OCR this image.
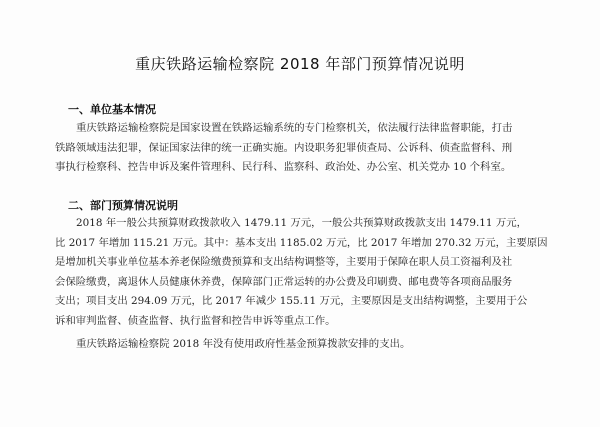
重庆铁路运输检察院 2018 年部门预算情况说明
一、单位基本情况
重庆铁路运输检察院是国家设置在铁路运输系统的专门检察机关，依法履行法律监督职能，打击
铁路领域违法犯罪，保证国家法律的统一正确实施。内设职务犯罪侦查局、公诉科、侦查监督科、刑
事执行检察科、控告申诉及案件管理科、民行科、监察科、政治处、办公室、机关党办 10 个科室。
二、部门预算情况说明
2018 年一般公共预算财政拨款收入 1479.11 万元，一般公共预算财政拨款支出 1479.11 万元，
比 2017 年增加 115.21 万元。其中：基本支出 1185.02 万元，比 2017 年增加 270.32 万元，主要原因
是增加机关事业单位基本养老保险缴费预算和支出结构调整等，主要用于保障在职人员工资福利及社
会保险缴费，离退休人员健康休养费，保障部门正常运转的办公费及印刷费、邮电费等各项商品服务
支出；项目支出 294.09 万元，比 2017 年减少 155.11 万元，主要原因是支出结构调整，主要用于公
诉和审判监督、侦查监督、执行监督和控告申诉等重点工作。
重庆铁路运输检察院 2018 年没有使用政府性基金预算拨款安排的支出。
